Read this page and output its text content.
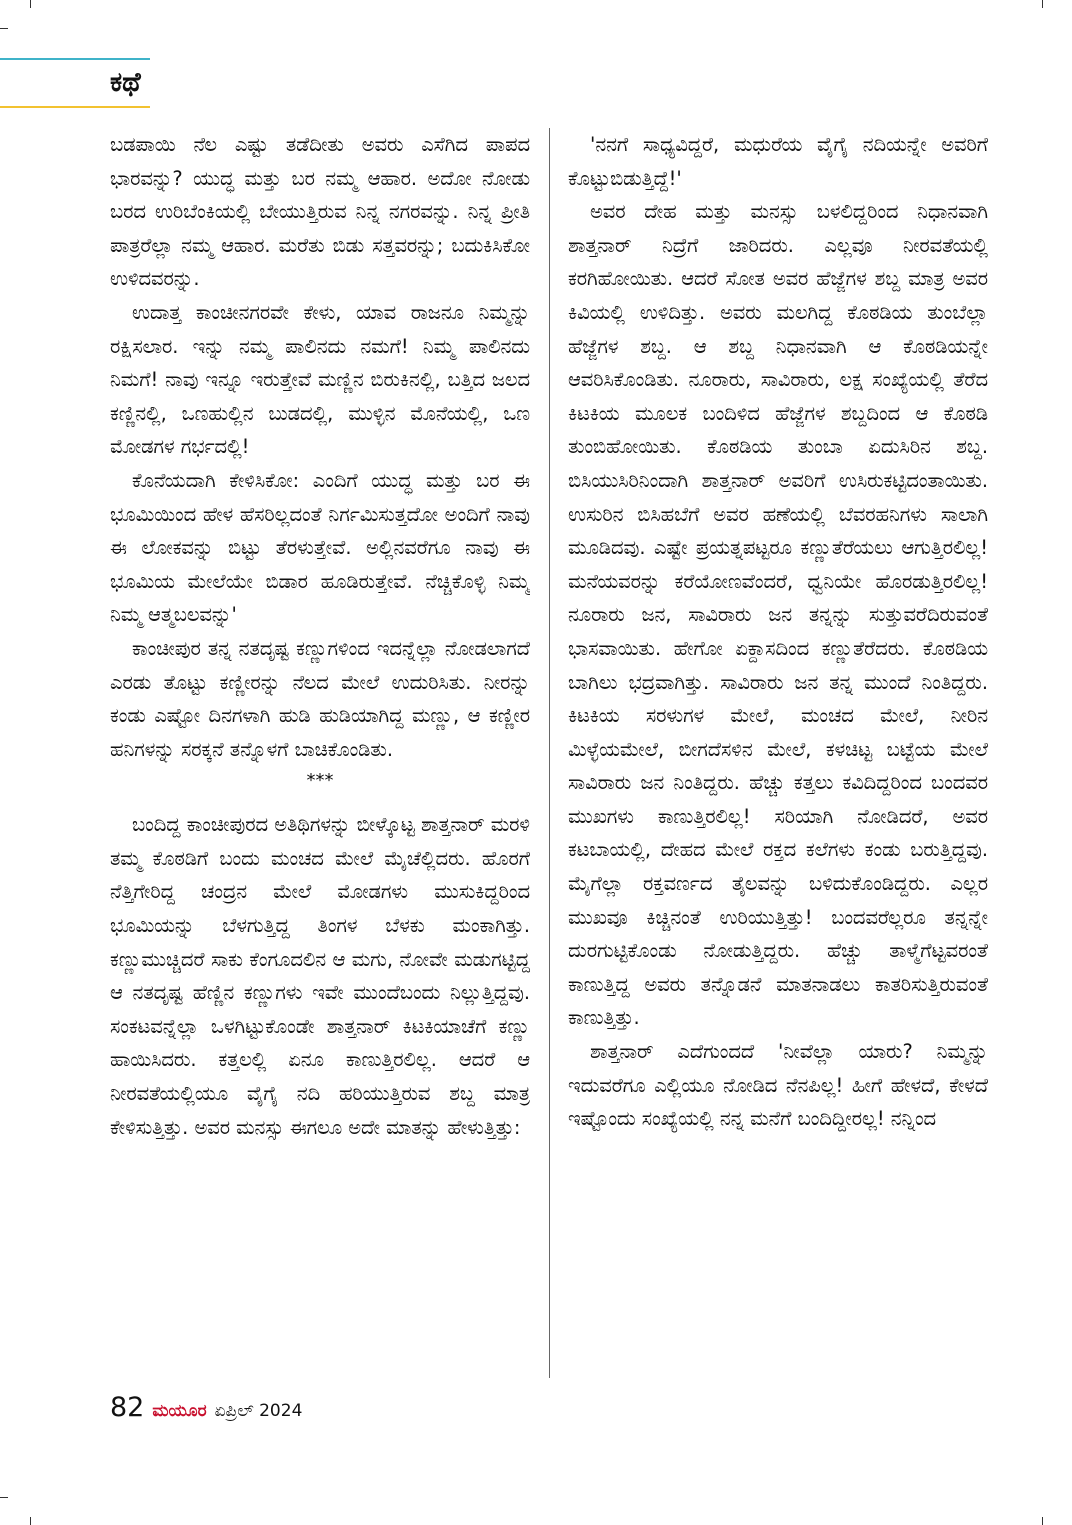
ಕಥೆ

ಬಡಪಾಯಿ ನೆಲ ಎಷ್ಟು ತಡೆದೀತು ಅವರು ಎಸೆಗಿದ ಪಾಪದ ಭಾರವನ್ನು? ಯುದ್ಧ ಮತ್ತು ಬರ ನಮ್ಮ ಆಹಾರ. ಅದೋ ನೋಡು ಬರದ ಉರಿಬೆಂಕಿಯಲ್ಲಿ ಬೇಯುತ್ತಿರುವ ನಿನ್ನ ನಗರವನ್ನು. ನಿನ್ನ ಪ್ರೀತಿ ಪಾತ್ರರೆಲ್ಲಾ ನಮ್ಮ ಆಹಾರ. ಮರೆತು ಬಿಡು ಸತ್ತವರನ್ನು; ಬದುಕಿಸಿಕೋ ಉಳಿದವರನ್ನು.

ಉದಾತ್ತ ಕಾಂಚೀನಗರವೇ ಕೇಳು, ಯಾವ ರಾಜನೂ ನಿಮ್ಮನ್ನು ರಕ್ಷಿಸಲಾರ. ಇನ್ನು ನಮ್ಮ ಪಾಲಿನದು ನಮಗೆ! ನಿಮ್ಮ ಪಾಲಿನದು ನಿಮಗೆ! ನಾವು ಇನ್ನೂ ಇರುತ್ತೇವೆ ಮಣ್ಣಿನ ಬಿರುಕಿನಲ್ಲಿ, ಬತ್ತಿದ ಜಲದ ಕಣ್ಣಿನಲ್ಲಿ, ಒಣಹುಲ್ಲಿನ ಬುಡದಲ್ಲಿ, ಮುಳ್ಳಿನ ಮೊನೆಯಲ್ಲಿ, ಒಣ ಮೋಡಗಳ ಗರ್ಭದಲ್ಲಿ!

ಕೊನೆಯದಾಗಿ ಕೇಳಿಸಿಕೋ: ಎಂದಿಗೆ ಯುದ್ಧ ಮತ್ತು ಬರ ಈ ಭೂಮಿಯಿಂದ ಹೇಳ ಹೆಸರಿಲ್ಲದಂತೆ ನಿರ್ಗಮಿಸುತ್ತದೋ ಅಂದಿಗೆ ನಾವು ಈ ಲೋಕವನ್ನು ಬಿಟ್ಟು ತೆರಳುತ್ತೇವೆ. ಅಲ್ಲಿನವರೆಗೂ ನಾವು ಈ ಭೂಮಿಯ ಮೇಲೆಯೇ ಬಿಡಾರ ಹೂಡಿರುತ್ತೇವೆ. ನೆಚ್ಚಿಕೊಳ್ಳಿ ನಿಮ್ಮ ನಿಮ್ಮ ಆತ್ಮಬಲವನ್ನು'

ಕಾಂಚೀಪುರ ತನ್ನ ನತದೃಷ್ಟ ಕಣ್ಣುಗಳಿಂದ ಇದನ್ನೆಲ್ಲಾ ನೋಡಲಾಗದೆ ಎರಡು ತೊಟ್ಟು ಕಣ್ಣೀರನ್ನು ನೆಲದ ಮೇಲೆ ಉದುರಿಸಿತು. ನೀರನ್ನು ಕಂಡು ಎಷ್ಟೋ ದಿನಗಳಾಗಿ ಹುಡಿ ಹುಡಿಯಾಗಿದ್ದ ಮಣ್ಣು, ಆ ಕಣ್ಣೀರ ಹನಿಗಳನ್ನು ಸರಕ್ಕನೆ ತನ್ನೊಳಗೆ ಬಾಚಿಕೊಂಡಿತು.

***

ಬಂದಿದ್ದ ಕಾಂಚೀಪುರದ ಅತಿಥಿಗಳನ್ನು ಬೀಳ್ಕೊಟ್ಟ ಶಾತ್ತನಾರ್ ಮರಳಿ ತಮ್ಮ ಕೊಠಡಿಗೆ ಬಂದು ಮಂಚದ ಮೇಲೆ ಮೈಚೆಲ್ಲಿದರು. ಹೊರಗೆ ನೆತ್ತಿಗೇರಿದ್ದ ಚಂದ್ರನ ಮೇಲೆ ಮೋಡಗಳು ಮುಸುಕಿದ್ದರಿಂದ ಭೂಮಿಯನ್ನು ಬೆಳಗುತ್ತಿದ್ದ ತಿಂಗಳ ಬೆಳಕು ಮಂಕಾಗಿತ್ತು. ಕಣ್ಣುಮುಚ್ಚಿದರೆ ಸಾಕು ಕೆಂಗೂದಲಿನ ಆ ಮಗು, ನೋವೇ ಮಡುಗಟ್ಟಿದ್ದ ಆ ನತದೃಷ್ಟ ಹೆಣ್ಣಿನ ಕಣ್ಣುಗಳು ಇವೇ ಮುಂದೆಬಂದು ನಿಲ್ಲುತ್ತಿದ್ದವು. ಸಂಕಟವನ್ನೆಲ್ಲಾ ಒಳಗಿಟ್ಟುಕೊಂಡೇ ಶಾತ್ತನಾರ್ ಕಿಟಕಿಯಾಚೆಗೆ ಕಣ್ಣು ಹಾಯಿಸಿದರು. ಕತ್ತಲಲ್ಲಿ ಏನೂ ಕಾಣುತ್ತಿರಲಿಲ್ಲ. ಆದರೆ ಆ ನೀರವತೆಯಲ್ಲಿಯೂ ವೈಗೈ ನದಿ ಹರಿಯುತ್ತಿರುವ ಶಬ್ದ ಮಾತ್ರ ಕೇಳಿಸುತ್ತಿತ್ತು. ಅವರ ಮನಸ್ಸು ಈಗಲೂ ಅದೇ ಮಾತನ್ನು ಹೇಳುತ್ತಿತ್ತು:

'ನನಗೆ ಸಾಧ್ಯವಿದ್ದರೆ, ಮಧುರೆಯ ವೈಗೈ ನದಿಯನ್ನೇ ಅವರಿಗೆ ಕೊಟ್ಟುಬಿಡುತ್ತಿದ್ದೆ!'

ಅವರ ದೇಹ ಮತ್ತು ಮನಸ್ಸು ಬಳಲಿದ್ದರಿಂದ ನಿಧಾನವಾಗಿ ಶಾತ್ತನಾರ್ ನಿದ್ರೆಗೆ ಜಾರಿದರು. ಎಲ್ಲವೂ ನೀರವತೆಯಲ್ಲಿ ಕರಗಿಹೋಯಿತು. ಆದರೆ ಸೋತ ಅವರ ಹೆಜ್ಜೆಗಳ ಶಬ್ದ ಮಾತ್ರ ಅವರ ಕಿವಿಯಲ್ಲಿ ಉಳಿದಿತ್ತು. ಅವರು ಮಲಗಿದ್ದ ಕೊಠಡಿಯ ತುಂಬೆಲ್ಲಾ ಹೆಜ್ಜೆಗಳ ಶಬ್ದ. ಆ ಶಬ್ದ ನಿಧಾನವಾಗಿ ಆ ಕೊಠಡಿಯನ್ನೇ ಆವರಿಸಿಕೊಂಡಿತು. ನೂರಾರು, ಸಾವಿರಾರು, ಲಕ್ಷ ಸಂಖ್ಯೆಯಲ್ಲಿ ತೆರೆದ ಕಿಟಕಿಯ ಮೂಲಕ ಬಂದಿಳಿದ ಹೆಜ್ಜೆಗಳ ಶಬ್ದದಿಂದ ಆ ಕೊಠಡಿ ತುಂಬಿಹೋಯಿತು. ಕೊಠಡಿಯ ತುಂಬಾ ಏದುಸಿರಿನ ಶಬ್ದ. ಬಿಸಿಯುಸಿರಿನಿಂದಾಗಿ ಶಾತ್ತನಾರ್ ಅವರಿಗೆ ಉಸಿರುಕಟ್ಟಿದಂತಾಯಿತು. ಉಸುರಿನ ಬಿಸಿಹಬೆಗೆ ಅವರ ಹಣೆಯಲ್ಲಿ ಬೆವರಹನಿಗಳು ಸಾಲಾಗಿ ಮೂಡಿದವು. ಎಷ್ಟೇ ಪ್ರಯತ್ನಪಟ್ಟರೂ ಕಣ್ಣುತೆರೆಯಲು ಆಗುತ್ತಿರಲಿಲ್ಲ! ಮನೆಯವರನ್ನು ಕರೆಯೋಣವೆಂದರೆ, ಧ್ವನಿಯೇ ಹೊರಡುತ್ತಿರಲಿಲ್ಲ! ನೂರಾರು ಜನ, ಸಾವಿರಾರು ಜನ ತನ್ನನ್ನು ಸುತ್ತುವರೆದಿರುವಂತೆ ಭಾಸವಾಯಿತು. ಹೇಗೋ ಏಕ್ದಾಸದಿಂದ ಕಣ್ಣುತೆರೆದರು. ಕೊಠಡಿಯ ಬಾಗಿಲು ಭದ್ರವಾಗಿತ್ತು. ಸಾವಿರಾರು ಜನ ತನ್ನ ಮುಂದೆ ನಿಂತಿದ್ದರು. ಕಿಟಕಿಯ ಸರಳುಗಳ ಮೇಲೆ, ಮಂಚದ ಮೇಲೆ, ನೀರಿನ ಮಿಳ್ಳೆಯಮೇಲೆ, ಬೀಗದೆಸಳಿನ ಮೇಲೆ, ಕಳಚಿಟ್ಟ ಬಟ್ಟೆಯ ಮೇಲೆ ಸಾವಿರಾರು ಜನ ನಿಂತಿದ್ದರು. ಹೆಚ್ಚು ಕತ್ತಲು ಕವಿದಿದ್ದರಿಂದ ಬಂದವರ ಮುಖಗಳು ಕಾಣುತ್ತಿರಲಿಲ್ಲ! ಸರಿಯಾಗಿ ನೋಡಿದರೆ, ಅವರ ಕಟಬಾಯಲ್ಲಿ, ದೇಹದ ಮೇಲೆ ರಕ್ತದ ಕಲೆಗಳು ಕಂಡು ಬರುತ್ತಿದ್ದವು. ಮೈಗೆಲ್ಲಾ ರಕ್ತವರ್ಣದ ತೈಲವನ್ನು ಬಳಿದುಕೊಂಡಿದ್ದರು. ಎಲ್ಲರ ಮುಖವೂ ಕಿಚ್ಚಿನಂತೆ ಉರಿಯುತ್ತಿತ್ತು! ಬಂದವರೆಲ್ಲರೂ ತನ್ನನ್ನೇ ದುರಗುಟ್ಟಿಕೊಂಡು ನೋಡುತ್ತಿದ್ದರು. ಹೆಚ್ಚು ತಾಳ್ಮೆಗೆಟ್ಟವರಂತೆ ಕಾಣುತ್ತಿದ್ದ ಅವರು ತನ್ನೊಡನೆ ಮಾತನಾಡಲು ಕಾತರಿಸುತ್ತಿರುವಂತೆ ಕಾಣುತ್ತಿತ್ತು.

ಶಾತ್ತನಾರ್ ಎದೆಗುಂದದೆ 'ನೀವೆಲ್ಲಾ ಯಾರು? ನಿಮ್ಮನ್ನು ಇದುವರೆಗೂ ಎಲ್ಲಿಯೂ ನೋಡಿದ ನೆನಪಿಲ್ಲ! ಹೀಗೆ ಹೇಳದೆ, ಕೇಳದೆ ಇಷ್ಟೊಂದು ಸಂಖ್ಯೆಯಲ್ಲಿ ನನ್ನ ಮನೆಗೆ ಬಂದಿದ್ದೀರಲ್ಲ! ನನ್ನಿಂದ

82 ಮಯೂರ ಏಪ್ರಿಲ್ 2024
